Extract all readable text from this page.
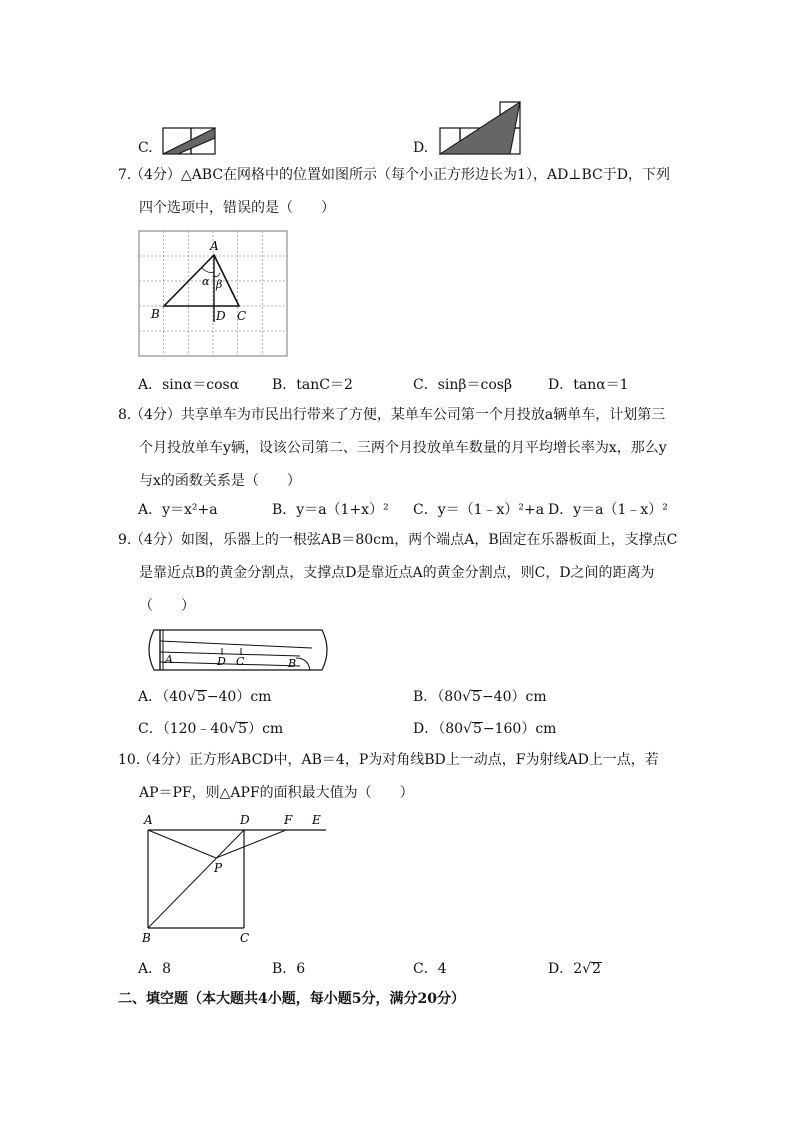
C.	D.
7.
（4分）△ABC在网格中的位置如图所示（每个小正方形边长为1），AD⊥BC于D，下列
四个选项中，错误的是（　　）
A
α β
B	D C
A．sinα＝cosα B．tanC＝2	C．sinβ＝cosβ	D．tanα＝1
8.
（4分）共享单车为市民出行带来了方便，某单车公司第一个月投放a辆单车，计划第三
个月投放单车y辆，设该公司第二、三两个月投放单车数量的月平均增长率为x，那么y
与x的函数关系是（　　）
A．y＝x²+a	B．y＝a（1+x）² C．y＝（1﹣x）²+a D．y＝a（1﹣x）²
9.
（4分）如图，乐器上的一根弦AB＝80cm，两个端点A，B固定在乐器板面上，支撑点C
是靠近点B的黄金分割点，支撑点D是靠近点A的黄金分割点，则C，D之间的距离为
（　　）
A	D C	B
A．（40√5−40）cm	B．（80√5−40）cm
C．（120﹣40√5）cm	D．（80√5−160）cm
10.
（4分）正方形ABCD中，AB＝4，P为对角线BD上一动点，F为射线AD上一点，若
AP＝PF，则△APF的面积最大值为（　　）
A	D	F E
P
B	C
A．8	B．6	C．4	D．2√2
二、填空题（本大题共4小题，每小题5分，满分20分）
